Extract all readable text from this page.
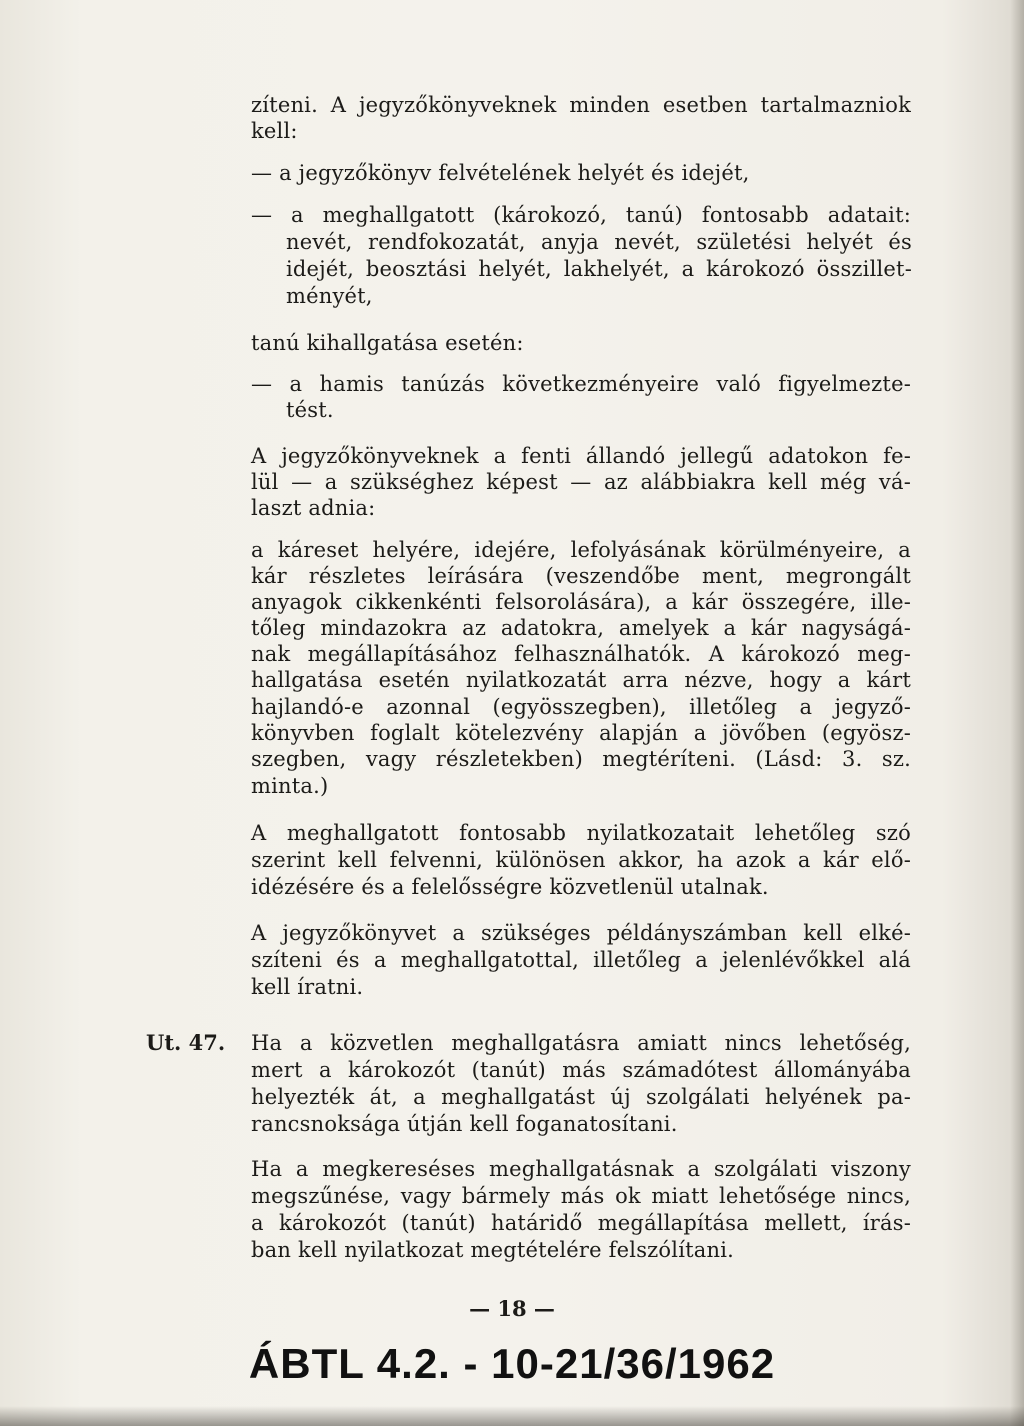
zíteni. A jegyzőkönyveknek minden esetben tartalmazniok
kell:
— a jegyzőkönyv felvételének helyét és idejét,
— a meghallgatott (károkozó, tanú) fontosabb adatait:
nevét, rendfokozatát, anyja nevét, születési helyét és
idejét, beosztási helyét, lakhelyét, a károkozó összillet-
ményét,
tanú kihallgatása esetén:
— a hamis tanúzás következményeire való figyelmezte-
tést.
A jegyzőkönyveknek a fenti állandó jellegű adatokon fe-
lül — a szükséghez képest — az alábbiakra kell még vá-
laszt adnia:
a káreset helyére, idejére, lefolyásának körülményeire, a
kár részletes leírására (veszendőbe ment, megrongált
anyagok cikkenkénti felsorolására), a kár összegére, ille-
tőleg mindazokra az adatokra, amelyek a kár nagyságá-
nak megállapításához felhasználhatók. A károkozó meg-
hallgatása esetén nyilatkozatát arra nézve, hogy a kárt
hajlandó-e azonnal (egyösszegben), illetőleg a jegyző-
könyvben foglalt kötelezvény alapján a jövőben (egyösz-
szegben, vagy részletekben) megtéríteni. (Lásd: 3. sz.
minta.)
A meghallgatott fontosabb nyilatkozatait lehetőleg szó
szerint kell felvenni, különösen akkor, ha azok a kár elő-
idézésére és a felelősségre közvetlenül utalnak.
A jegyzőkönyvet a szükséges példányszámban kell elké-
szíteni és a meghallgatottal, illetőleg a jelenlévőkkel alá
kell íratni.
Ut. 47. Ha a közvetlen meghallgatásra amiatt nincs lehetőség,
mert a károkozót (tanút) más számadótest állományába
helyezték át, a meghallgatást új szolgálati helyének pa-
rancsnoksága útján kell foganatosítani.
Ha a megkereséses meghallgatásnak a szolgálati viszony
megszűnése, vagy bármely más ok miatt lehetősége nincs,
a károkozót (tanút) határidő megállapítása mellett, írás-
ban kell nyilatkozat megtételére felszólítani.
— 18 —
ÁBTL 4.2. - 10-21/36/1962
